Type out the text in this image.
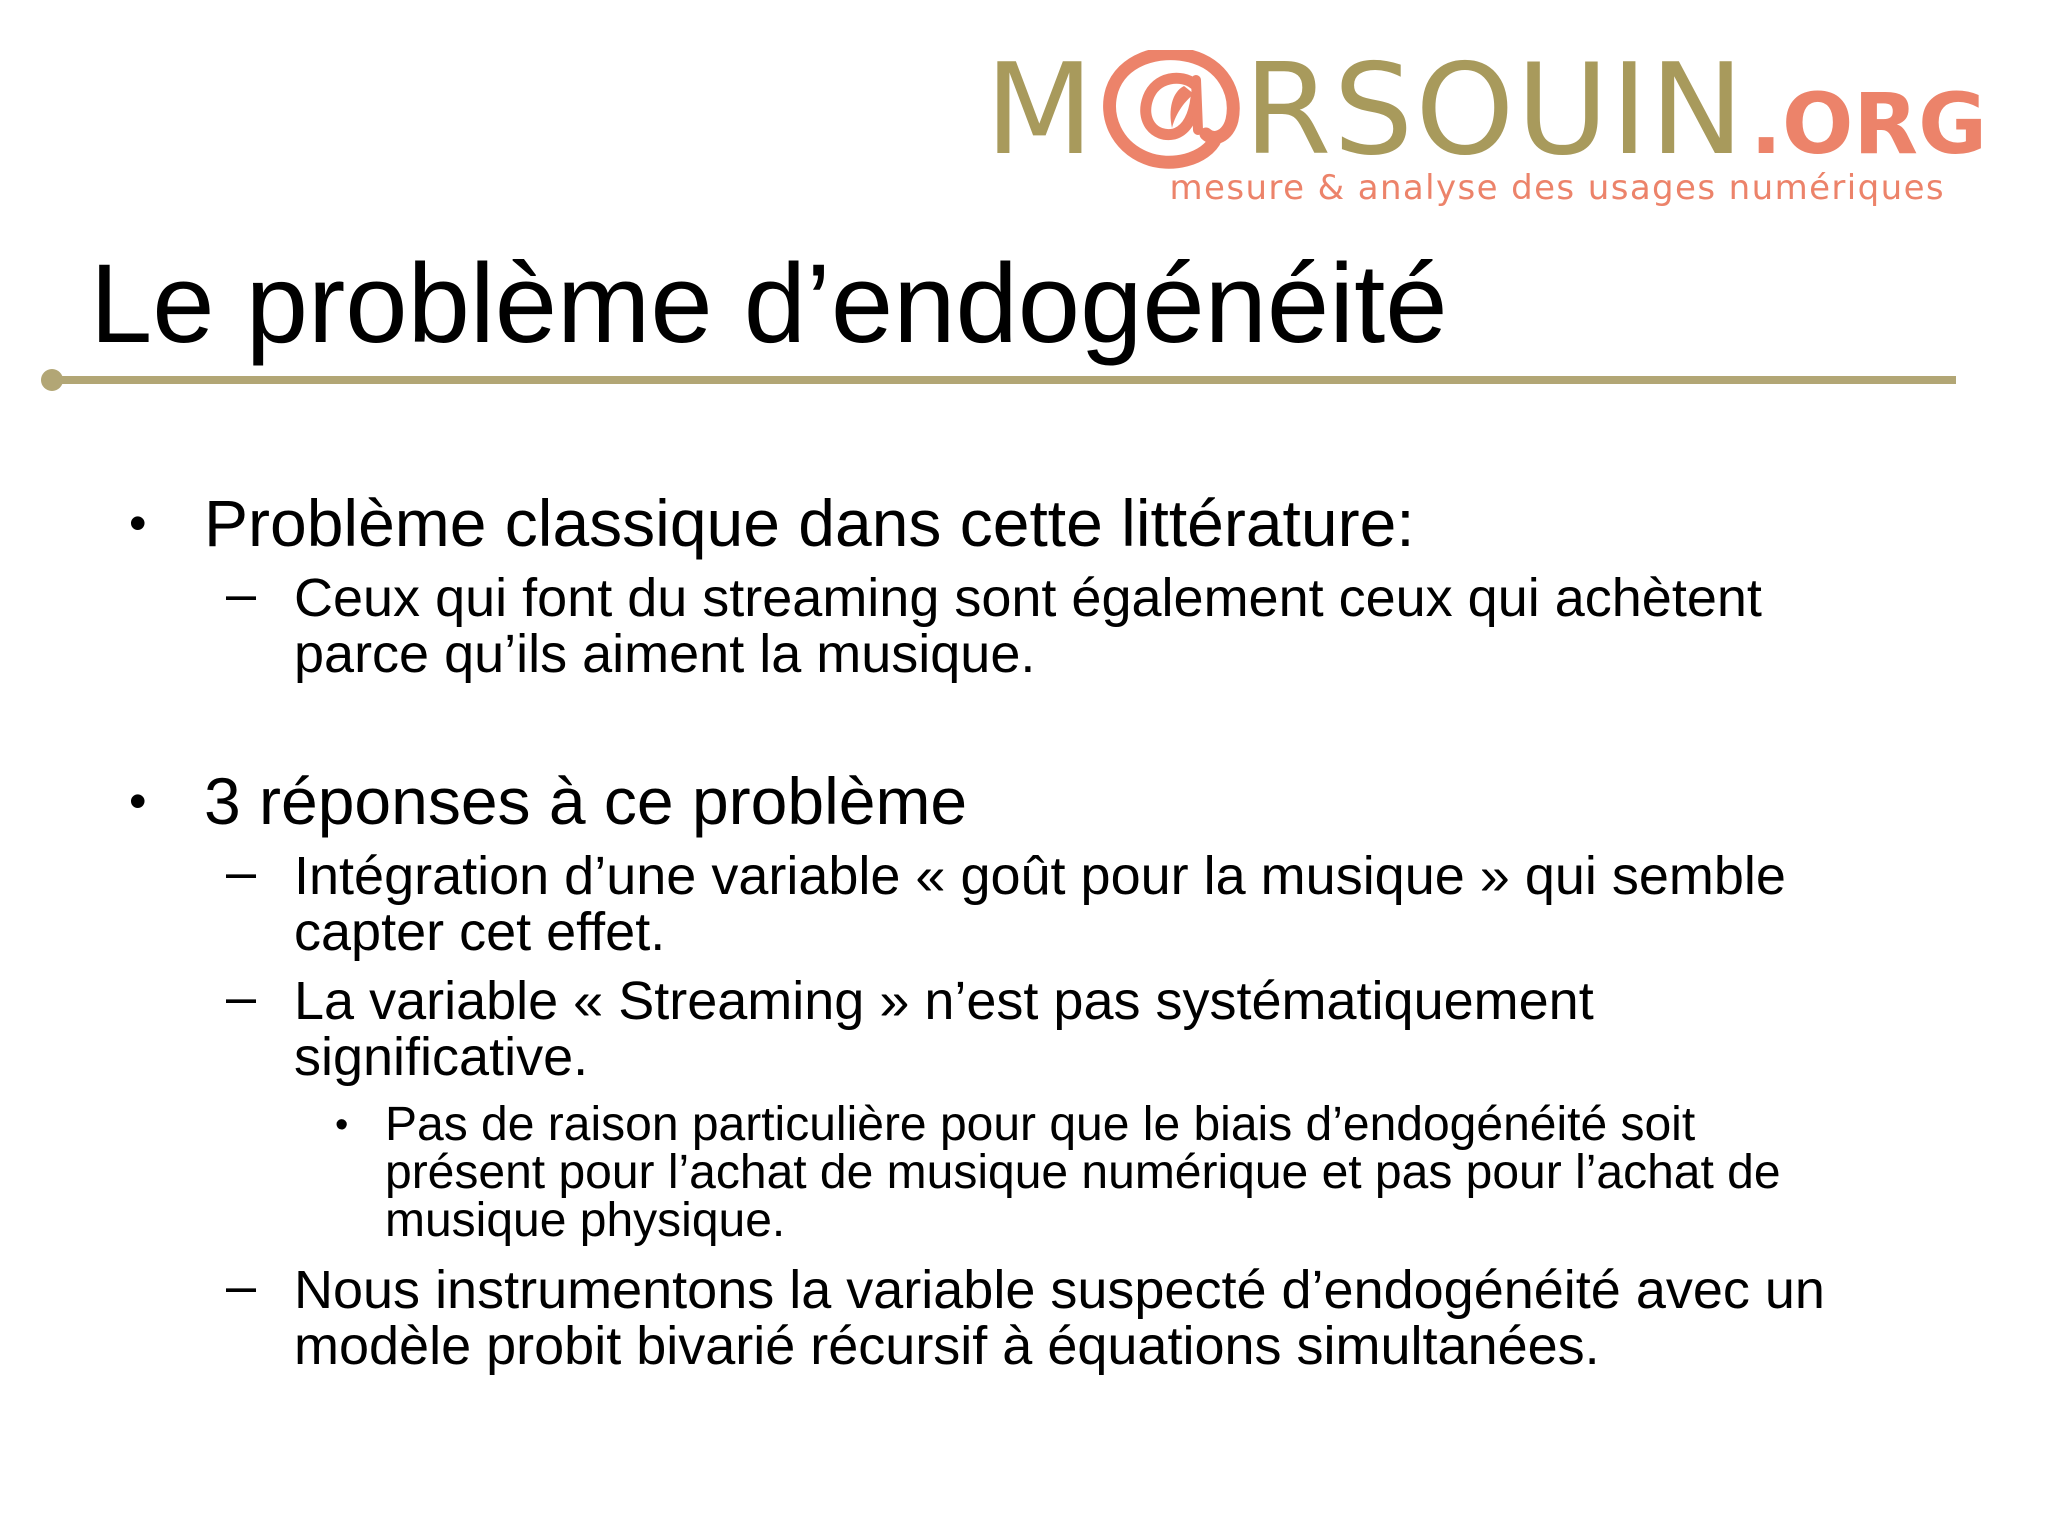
M RSOUIN .ORG
mesure & analyse des usages numériques
Le problème d’endogénéité
• Problème classique dans cette littérature:
– Ceux qui font du streaming sont également ceux qui achètent
parce qu’ils aiment la musique.
• 3 réponses à ce problème
– Intégration d’une variable « goût pour la musique » qui semble
capter cet effet.
– La variable « Streaming » n’est pas systématiquement
significative.
• Pas de raison particulière pour que le biais d’endogénéité soit
présent pour l’achat de musique numérique et pas pour l’achat de
musique physique.
– Nous instrumentons la variable suspecté d’endogénéité avec un
modèle probit bivarié récursif à équations simultanées.
